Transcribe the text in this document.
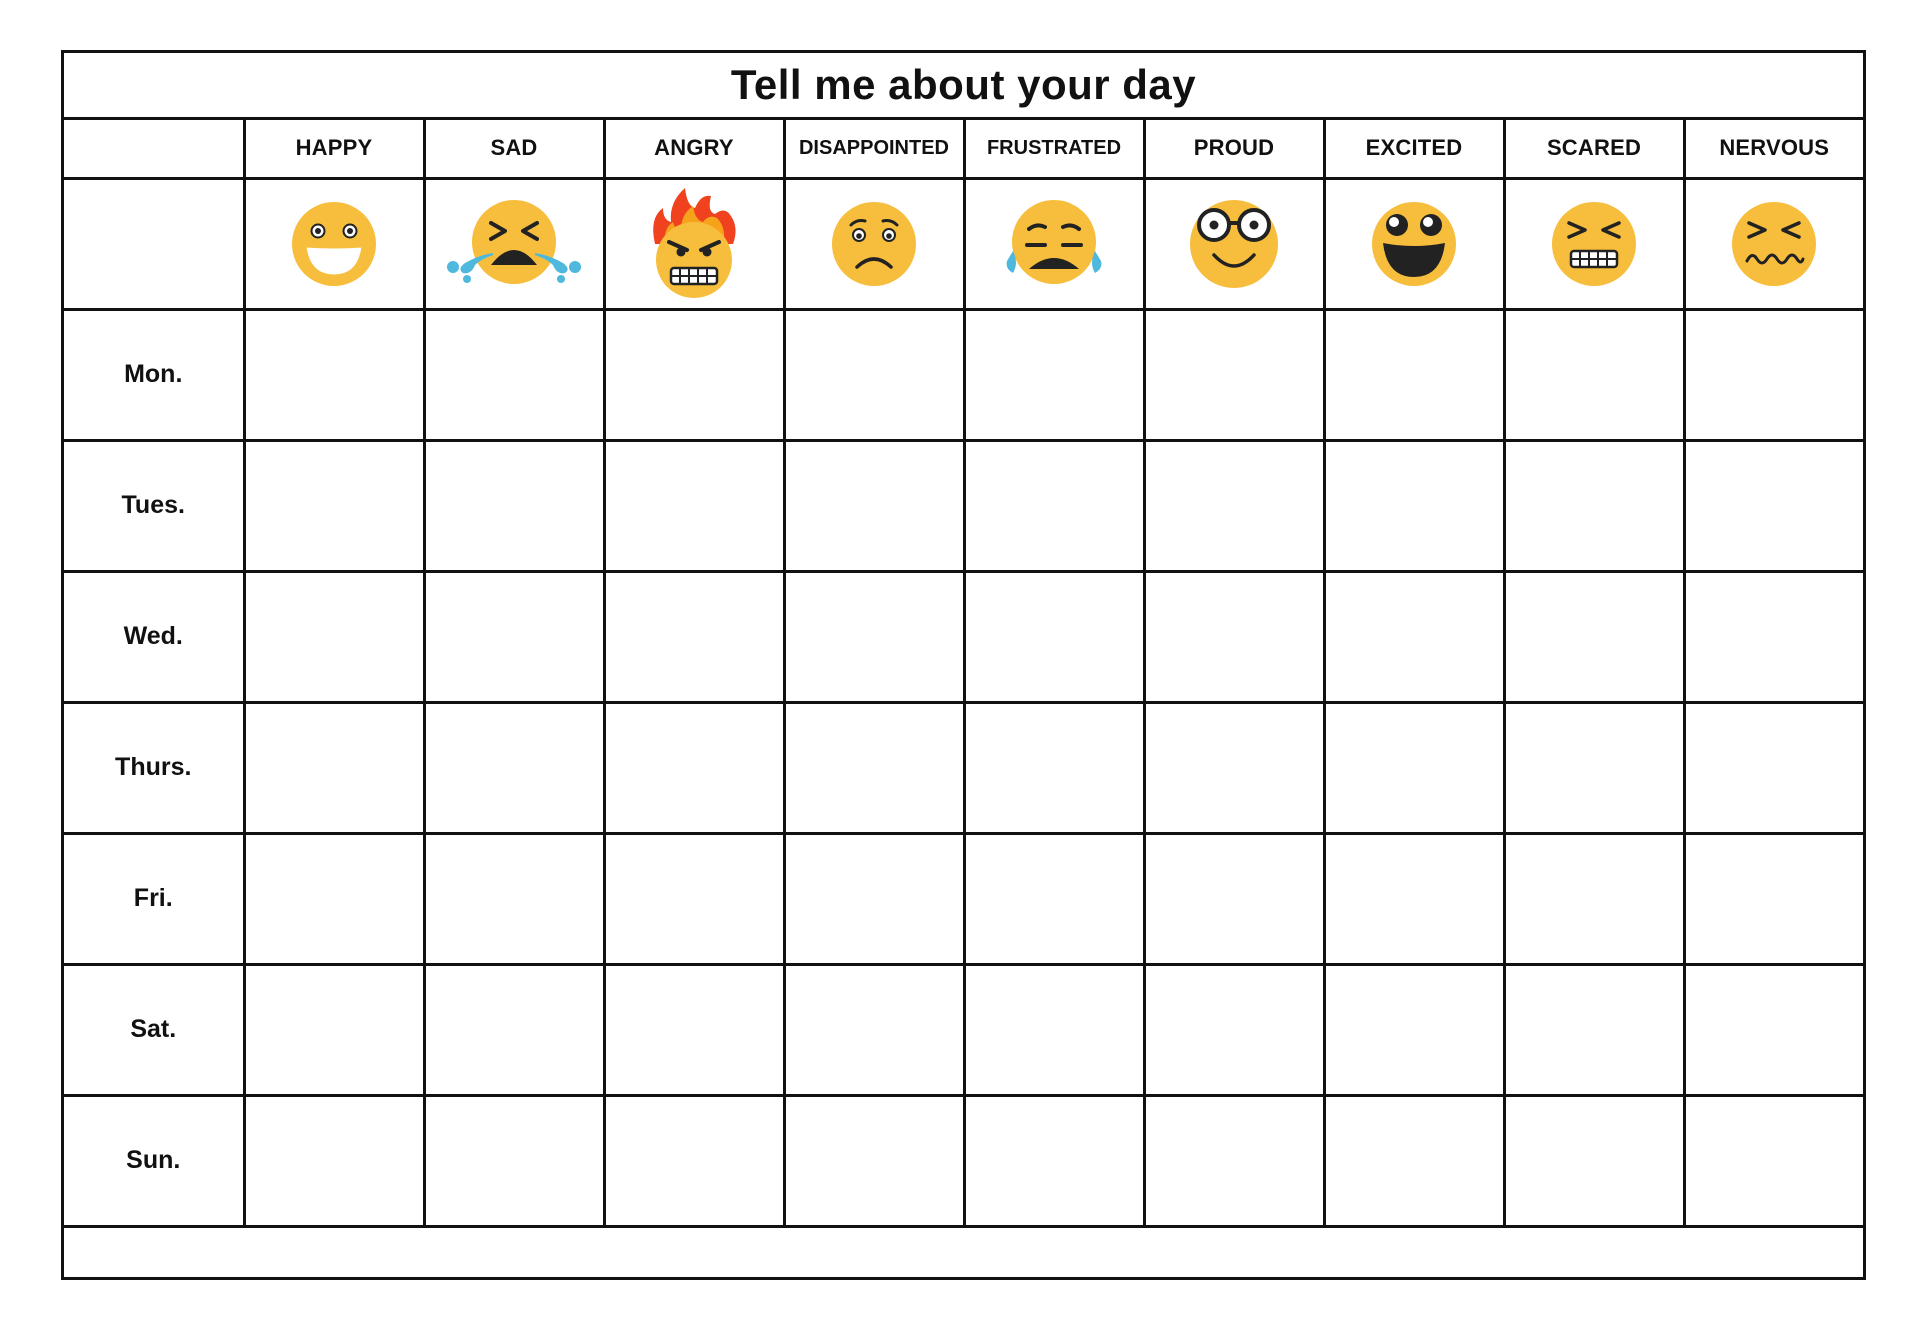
Tell me about your day
	HAPPY	SAD	ANGRY	DISAPPOINTED	FRUSTRATED	PROUD	EXCITED	SCARED	NERVOUS

Mon.									
Tues.									
Wed.									
Thurs.									
Fri.									
Sat.									
Sun.									
